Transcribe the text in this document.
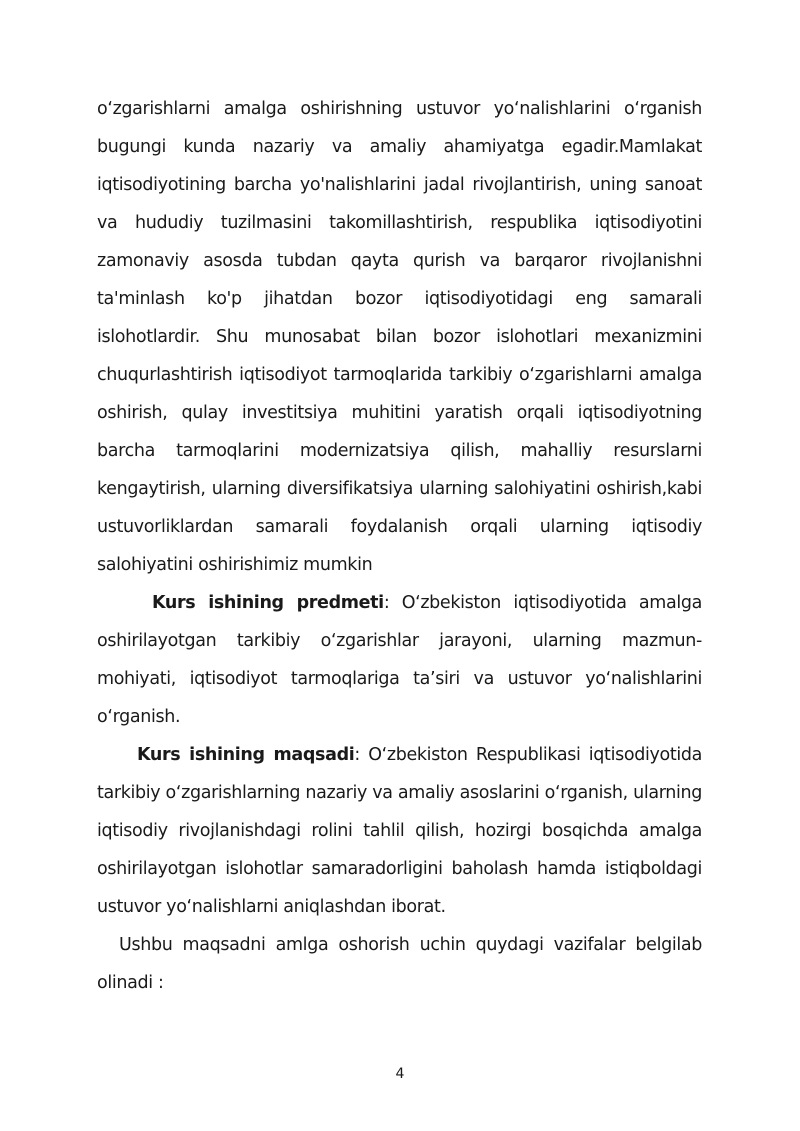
o‘zgarishlarni amalga oshirishning ustuvor yo‘nalishlarini o‘rganish bugungi kunda nazariy va amaliy ahamiyatga egadir.Mamlakat iqtisodiyotining barcha yo'nalishlarini jadal rivojlantirish, uning sanoat va hududiy tuzilmasini takomillashtirish, respublika iqtisodiyotini zamonaviy asosda tubdan qayta qurish va barqaror rivojlanishni ta'minlash ko'p jihatdan bozor iqtisodiyotidagi eng samarali islohotlardir. Shu munosabat bilan bozor islohotlari mexanizmini chuqurlashtirish iqtisodiyot tarmoqlarida tarkibiy o‘zgarishlarni amalga oshirish, qulay investitsiya muhitini yaratish orqali iqtisodiyotning barcha tarmoqlarini modernizatsiya qilish, mahalliy resurslarni kengaytirish, ularning diversifikatsiya ularning salohiyatini oshirish,kabi ustuvorliklardan samarali foydalanish orqali ularning iqtisodiy salohiyatini oshirishimiz mumkin

Kurs ishining predmeti: O‘zbekiston iqtisodiyotida amalga oshirilayotgan tarkibiy o‘zgarishlar jarayoni, ularning mazmun-mohiyati, iqtisodiyot tarmoqlariga ta’siri va ustuvor yo‘nalishlarini o‘rganish.

Kurs ishining maqsadi: O‘zbekiston Respublikasi iqtisodiyotida tarkibiy o‘zgarishlarning nazariy va amaliy asoslarini o‘rganish, ularning iqtisodiy rivojlanishdagi rolini tahlil qilish, hozirgi bosqichda amalga oshirilayotgan islohotlar samaradorligini baholash hamda istiqboldagi ustuvor yo‘nalishlarni aniqlashdan iborat.

Ushbu maqsadni amlga oshorish uchin quydagi vazifalar belgilab olinadi :

4
